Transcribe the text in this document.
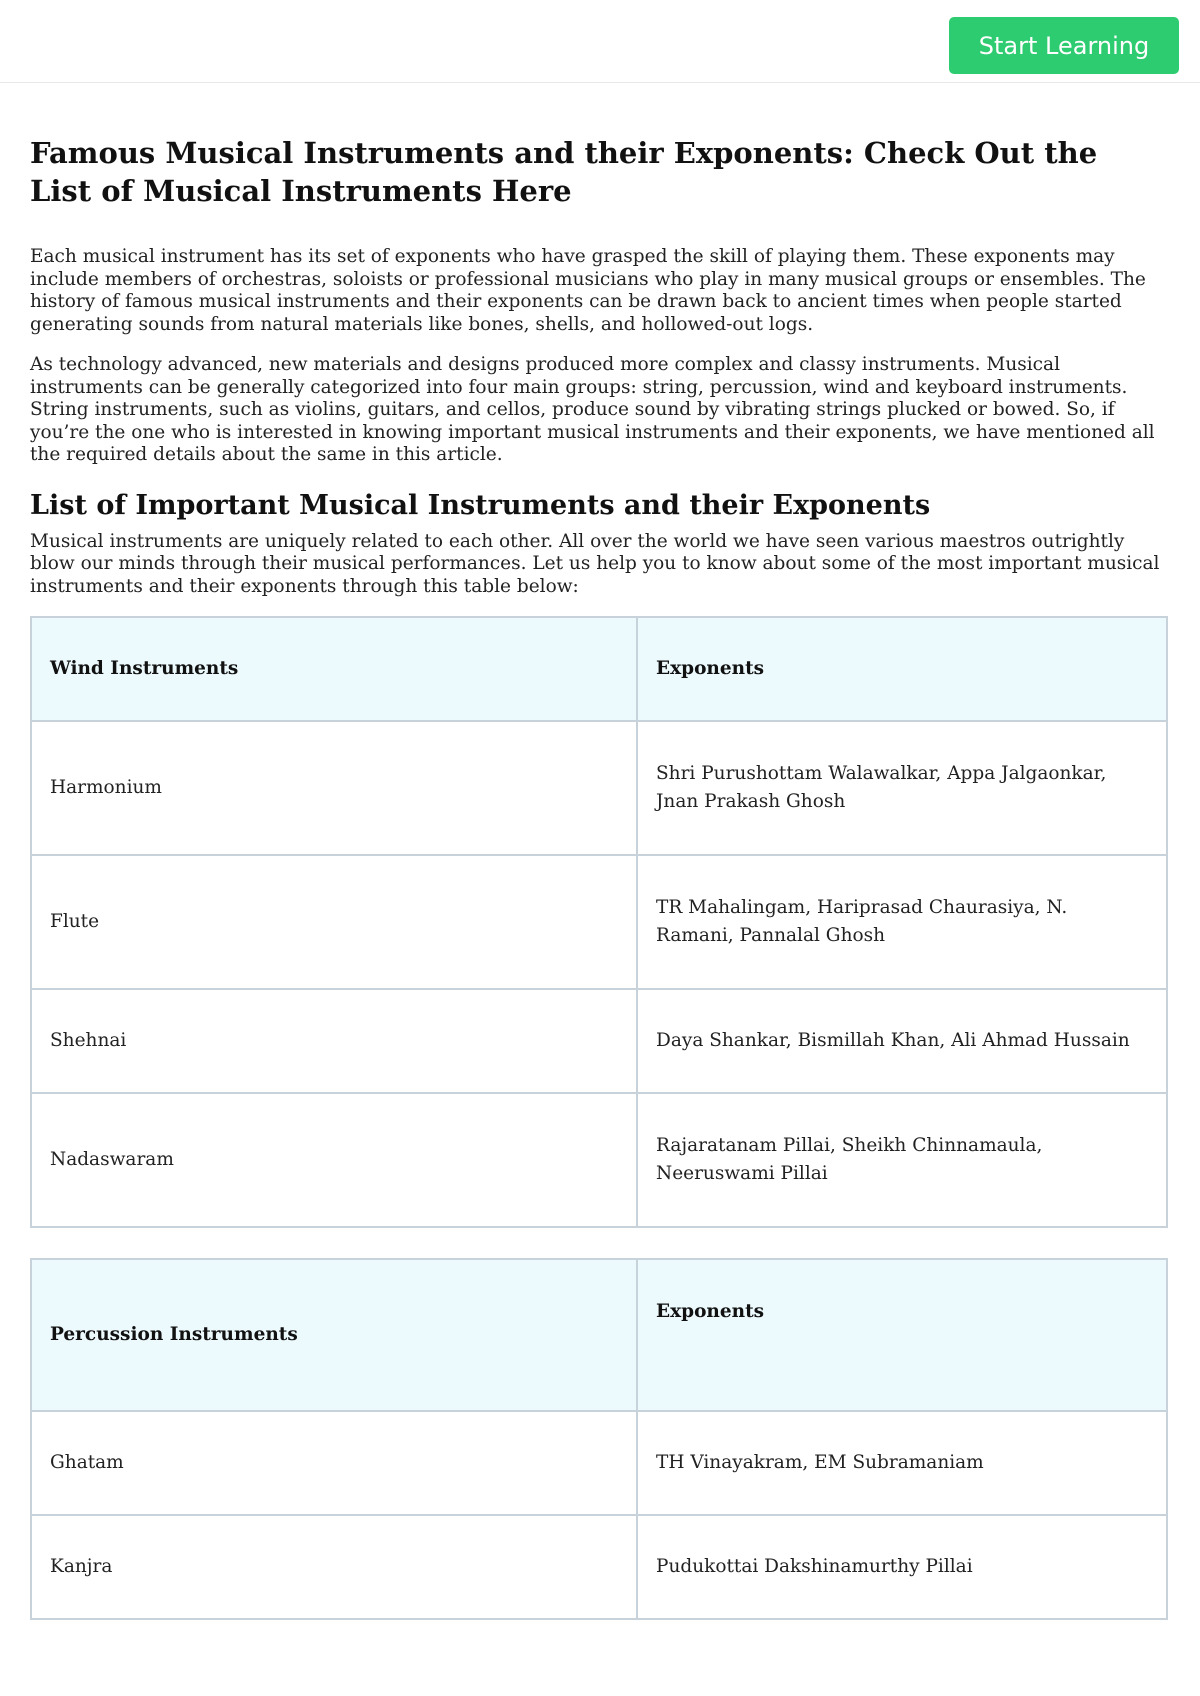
Start Learning
Famous Musical Instruments and their Exponents: Check Out the List of Musical Instruments Here

Each musical instrument has its set of exponents who have grasped the skill of playing them. These exponents may include members of orchestras, soloists or professional musicians who play in many musical groups or ensembles. The history of famous musical instruments and their exponents can be drawn back to ancient times when people started generating sounds from natural materials like bones, shells, and hollowed-out logs.

As technology advanced, new materials and designs produced more complex and classy instruments. Musical instruments can be generally categorized into four main groups: string, percussion, wind and keyboard instruments. String instruments, such as violins, guitars, and cellos, produce sound by vibrating strings plucked or bowed. So, if you’re the one who is interested in knowing important musical instruments and their exponents, we have mentioned all the required details about the same in this article.

List of Important Musical Instruments and their Exponents

Musical instruments are uniquely related to each other. All over the world we have seen various maestros outrightly blow our minds through their musical performances. Let us help you to know about some of the most important musical instruments and their exponents through this table below:

Wind Instruments	Exponents
Harmonium	Shri Purushottam Walawalkar, Appa Jalgaonkar, Jnan Prakash Ghosh
Flute	TR Mahalingam, Hariprasad Chaurasiya, N. Ramani, Pannalal Ghosh
Shehnai	Daya Shankar, Bismillah Khan, Ali Ahmad Hussain
Nadaswaram	Rajaratanam Pillai, Sheikh Chinnamaula, Neeruswami Pillai
Percussion Instruments	Exponents
Ghatam	TH Vinayakram, EM Subramaniam
Kanjra	Pudukottai Dakshinamurthy Pillai
